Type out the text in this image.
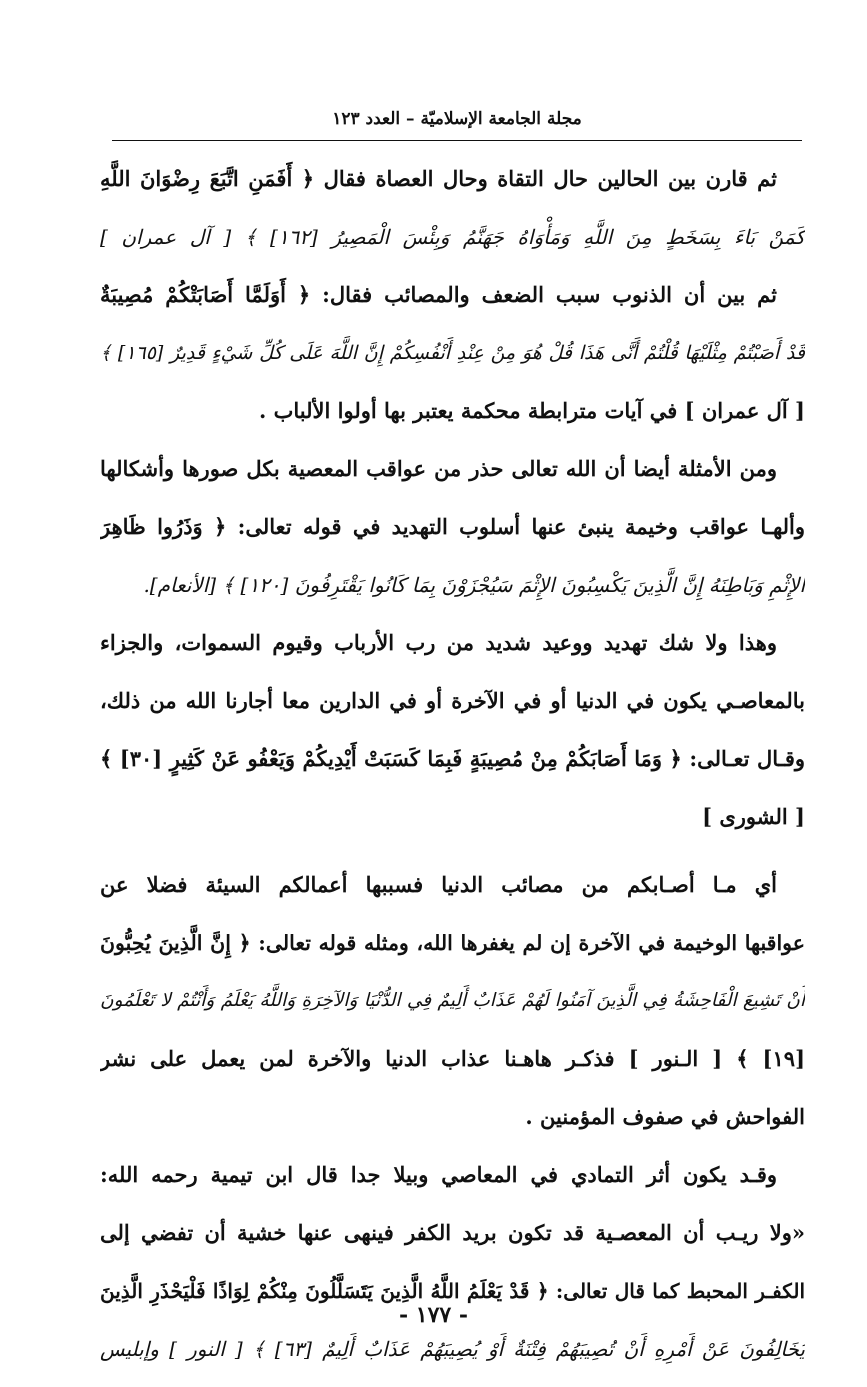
مجلة الجامعة الإسلاميّة – العدد ١٢٣
ثم قارن بين الحالين حال التقاة وحال العصاة فقال ﴿ أَفَمَنِ اتَّبَعَ رِضْوَانَ اللَّهِ
كَمَنْ بَاءَ بِسَخَطٍ مِنَ اللَّهِ وَمَأْوَاهُ جَهَنَّمُ وَبِئْسَ الْمَصِيرُ [١٦٢] ﴾ [ آل عمران ]
ثم بين أن الذنوب سبب الضعف والمصائب فقال: ﴿ أَوَلَمَّا أَصَابَتْكُمْ مُصِيبَةٌ
قَدْ أَصَبْتُمْ مِثْلَيْهَا قُلْتُمْ أَنَّى هَذَا قُلْ هُوَ مِنْ عِنْدِ أَنْفُسِكُمْ إِنَّ اللَّهَ عَلَى كُلِّ شَيْءٍ قَدِيرٌ [١٦٥] ﴾
[ آل عمران ] في آيات مترابطة محكمة يعتبر بها أولوا الألباب .
ومن الأمثلة أيضا أن الله تعالى حذر من عواقب المعصية بكل صورها وأشكالها
وألهـا عواقب وخيمة ينبئ عنها أسلوب التهديد في قوله تعالى: ﴿ وَذَرُوا ظَاهِرَ
الإِثْمِ وَبَاطِنَهُ إِنَّ الَّذِينَ يَكْسِبُونَ الإِثْمَ سَيُجْزَوْنَ بِمَا كَانُوا يَقْتَرِفُونَ [١٢٠] ﴾ [الأنعام].
وهذا ولا شك تهديد ووعيد شديد من رب الأرباب وقيوم السموات، والجزاء
بالمعاصـي يكون في الدنيا أو في الآخرة أو في الدارين معا أجارنا الله من ذلك،
وقـال تعـالى: ﴿ وَمَا أَصَابَكُمْ مِنْ مُصِيبَةٍ فَبِمَا كَسَبَتْ أَيْدِيكُمْ وَيَعْفُو عَنْ كَثِيرٍ [٣٠] ﴾
[ الشورى ]
أي مـا أصـابكم من مصائب الدنيا فسببها أعمالكم السيئة فضلا عن
عواقبها الوخيمة في الآخرة إن لم يغفرها الله، ومثله قوله تعالى: ﴿ إِنَّ الَّذِينَ يُحِبُّونَ
أَنْ تَشِيعَ الْفَاحِشَةُ فِي الَّذِينَ آمَنُوا لَهُمْ عَذَابٌ أَلِيمٌ فِي الدُّنْيَا وَالآخِرَةِ وَاللَّهُ يَعْلَمُ وَأَنْتُمْ لا تَعْلَمُونَ
[١٩] ﴾ [ الـنور ] فذكـر هاهـنا عذاب الدنيا والآخرة لمن يعمل على نشر
الفواحش في صفوف المؤمنين .
وقـد يكون أثر التمادي في المعاصي وبيلا جدا قال ابن تيمية رحمه الله:
«ولا ريـب أن المعصـية قد تكون بريد الكفر فينهى عنها خشية أن تفضي إلى
الكفـر المحبط كما قال تعالى: ﴿ قَدْ يَعْلَمُ اللَّهُ الَّذِينَ يَتَسَلَّلُونَ مِنْكُمْ لِوَاذًا فَلْيَحْذَرِ الَّذِينَ
يُخَالِفُونَ عَنْ أَمْرِهِ أَنْ تُصِيبَهُمْ فِتْنَةٌ أَوْ يُصِيبَهُمْ عَذَابٌ أَلِيمٌ [٦٣] ﴾ [ النور ] وإبليس
- ١٧٧ -
